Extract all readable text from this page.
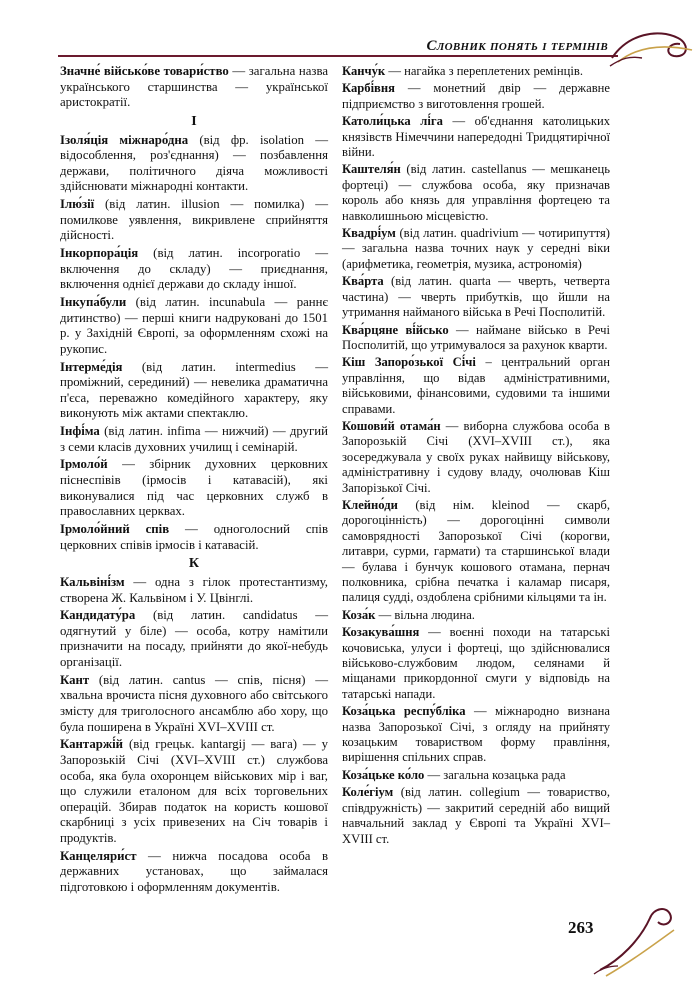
Словник понять і термінів
Значне́ військо́ве товари́ство — загальна назва українського старшинства — української аристократії.
І
Ізоля́ція міжнаро́дна (від фр. isolation — відособлення, роз'єднання) — позбавлення держави, політичного діяча можливості здійснювати міжнародні контакти.
Ілю́зії (від латин. illusion — помилка) — помилкове уявлення, викривлене сприйняття дійсності.
Інкорпора́ція (від латин. incorporatio — включення до складу) — приєднання, включення однієї держави до складу іншої.
Інкупа́були (від латин. incunabula — раннє дитинство) — перші книги надруковані до 1501 р. у Західній Європі, за оформленням схожі на рукопис.
Інтерме́дія (від латин. intermedius — проміжний, серединий) — невелика драматична п'єса, переважно комедійного характеру, яку виконують між актами спектаклю.
Інфі́ма (від латин. infima — нижчий) — другий з семи класів духовних училищ і семінарій.
Ірмоло́й — збірник духовних церковних піснеспівів (ірмосів і катавасій), які виконувалися під час церковних служб в православних церквах.
Ірмоло́йний спів — одноголосний спів церковних співів ірмосів і катавасій.
К
Кальвіні́зм — одна з гілок протестантизму, створена Ж. Кальвіном і У. Цвінглі.
Кандидату́ра (від латин. candidatus — одягнутий у біле) — особа, котру намітили призначити на посаду, прийняти до якої-небудь організації.
Кант (від латин. cantus — спів, пісня) — хвальна врочиста пісня духовного або світського змісту для триголосного ансамблю або хору, що була поширена в Україні XVI–XVIII ст.
Кантаржі́й (від грецьк. kantargij — вага) — у Запорозькій Січі (XVI–XVIII ст.) службова особа, яка була охоронцем військових мір і ваг, що служили еталоном для всіх торговельних операцій. Збирав податок на користь кошової скарбниці з усіх привезених на Січ товарів і продуктів.
Канцеляри́ст — нижча посадова особа в державних установах, що займалася підготовкою і оформленням документів.
Канчу́к — нагайка з переплетених ремінців.
Карбі́вня — монетний двір — державне підприємство з виготовлення грошей.
Католи́цька лі́га — об'єднання католицьких князівств Німеччини напередодні Тридцятирічної війни.
Каштеля́н (від латин. castellanus — мешканець фортеці) — службова особа, яку призначав король або князь для управління фортецею та навколишньою місцевістю.
Квадрі́ум (від латин. quadrivium — чотирипуття) — загальна назва точних наук у середні віки (арифметика, геометрія, музика, астрономія)
Ква́рта (від латин. quarta — чверть, четверта частина) — чверть прибутків, що йшли на утримання найманого війська в Речі Посполитій.
Ква́рцяне ві́йсько — наймане військо в Речі Посполитій, що утримувалося за рахунок кварти.
Кіш Запоро́зької Сі́чі – центральний орган управління, що відав адміністративними, військовими, фінансовими, судовими та іншими справами.
Кошови́й отама́н — виборна службова особа в Запорозькій Січі (XVI–XVIII ст.), яка зосереджувала у своїх руках найвищу військову, адміністративну і судову владу, очолював Кіш Запорізької Січі.
Клейно́ди (від нім. kleinod — скарб, дорогоцінність) — дорогоцінні символи самоврядності Запорозької Січі (корогви, литаври, сурми, гармати) та старшинської влади — булава і бунчук кошового отамана, пернач полковника, срібна печатка і каламар писаря, палиця судді, оздоблена срібними кільцями та ін.
Коза́к — вільна людина.
Козакува́шня — воєнні походи на татарські кочовиська, улуси і фортеці, що здійснювалися військово-службовим людом, селянами й міщанами прикордонної смуги у відповідь на татарські напади.
Коза́цька респу́бліка — міжнародно визнана назва Запорозької Січі, з огляду на прийняту козацьким товариством форму правління, вирішення спільних справ.
Коза́цьке ко́ло — загальна козацька рада
Коле́гіум (від латин. collegium — товариство, співдружність) — закритий середній або вищий навчальний заклад у Європі та Україні XVI–XVIII ст.
263
